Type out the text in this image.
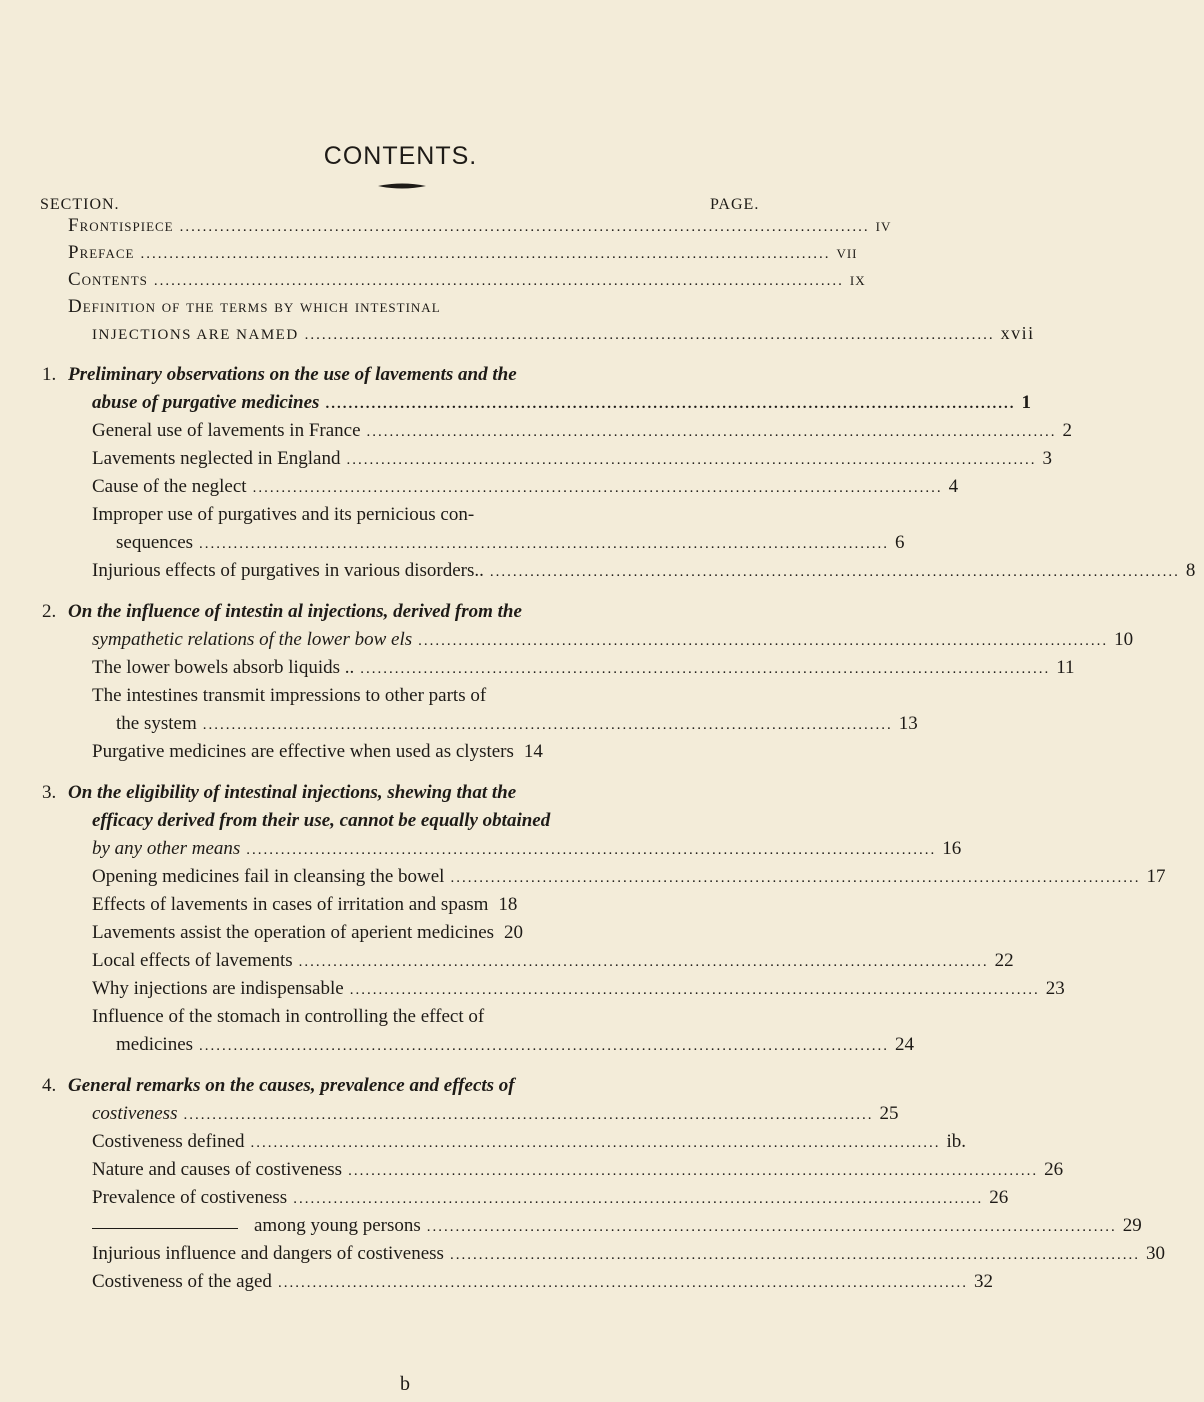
CONTENTS.
SECTION.	PAGE.
Frontispiece ........................................................................................................................ iv
Preface ........................................................................................................................ vii
Contents ........................................................................................................................ ix
Definition of the terms by which intestinal
INJECTIONS ARE NAMED ........................................................................................................................ xvii
1. Preliminary observations on the use of lavements and the
abuse of purgative medicines ........................................................................................................................ 1
General use of lavements in France ........................................................................................................................ 2
Lavements neglected in England ........................................................................................................................ 3
Cause of the neglect ........................................................................................................................ 4
Improper use of purgatives and its pernicious con-
sequences ........................................................................................................................ 6
Injurious effects of purgatives in various disorders.. ........................................................................................................................ 8
2. On the influence of intestin al injections, derived from the
sympathetic relations of the lower bow els ........................................................................................................................ 10
The lower bowels absorb liquids .. ........................................................................................................................ 11
The intestines transmit impressions to other parts of
the system ........................................................................................................................ 13
Purgative medicines are effective when used as clysters 14
3. On the eligibility of intestinal injections, shewing that the
efficacy derived from their use, cannot be equally obtained
by any other means ........................................................................................................................ 16
Opening medicines fail in cleansing the bowel ........................................................................................................................ 17
Effects of lavements in cases of irritation and spasm 18
Lavements assist the operation of aperient medicines 20
Local effects of lavements ........................................................................................................................ 22
Why injections are indispensable ........................................................................................................................ 23
Influence of the stomach in controlling the effect of
medicines ........................................................................................................................ 24
4. General remarks on the causes, prevalence and effects of
costiveness ........................................................................................................................ 25
Costiveness defined ........................................................................................................................ ib.
Nature and causes of costiveness ........................................................................................................................ 26
Prevalence of costiveness ........................................................................................................................ 26
among young persons ........................................................................................................................ 29
Injurious influence and dangers of costiveness ........................................................................................................................ 30
Costiveness of the aged ........................................................................................................................ 32
b
